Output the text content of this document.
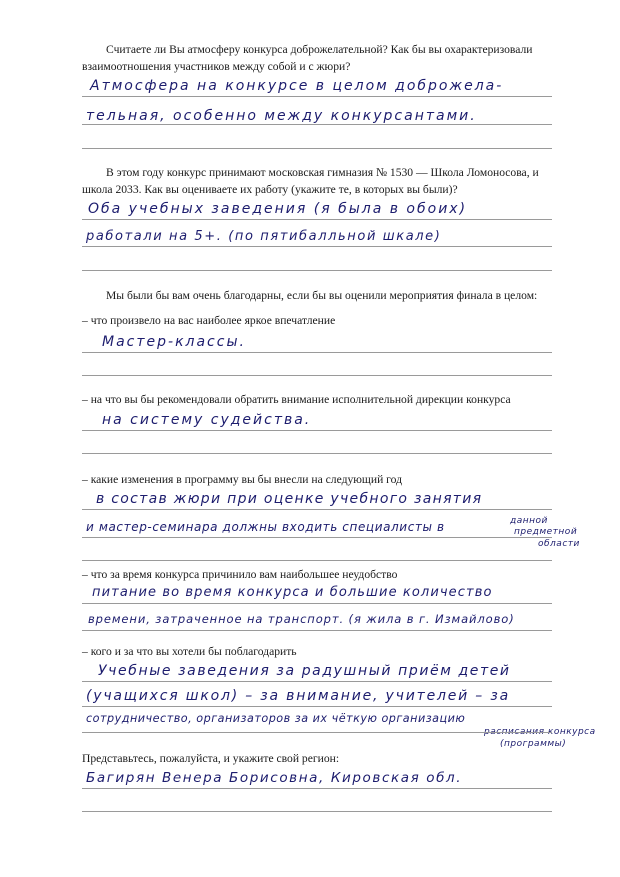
Считаете ли Вы атмосферу конкурса доброжелательной? Как бы вы охарактеризовали взаимоотношения участников между собой и с жюри?
Атмосфера на конкурсе в целом доброжела-
тельная, особенно между конкурсантами.
В этом году конкурс принимают московская гимназия № 1530 — Школа Ломоносова, и школа 2033. Как вы оцениваете их работу (укажите те, в которых вы были)?
Оба учебных заведения (я была в обоих)
работали на 5+. (по пятибалльной шкале)
Мы были бы вам очень благодарны, если бы вы оценили мероприятия финала в целом:
– что произвело на вас наиболее яркое впечатление
Мастер-классы.
– на что вы бы рекомендовали обратить внимание исполнительной дирекции конкурса
на систему судейства.
– какие изменения в программу вы бы внесли на следующий год
в состав жюри при оценке учебного занятия
и мастер-семинара должны входить специалисты в	данной
предметной
области
– что за время конкурса причинило вам наибольшее неудобство
питание во время конкурса и большие количество
времени, затраченное на транспорт. (я жила в г. Измайлово)
– кого и за что вы хотели бы поблагодарить
Учебные заведения за радушный приём детей
(учащихся школ) – за внимание, учителей – за
сотрудничество, организаторов за их чёткую организацию
расписания конкурса
(программы)
Представьтесь, пожалуйста, и укажите свой регион:
Багирян Венера Борисовна, Кировская обл.
